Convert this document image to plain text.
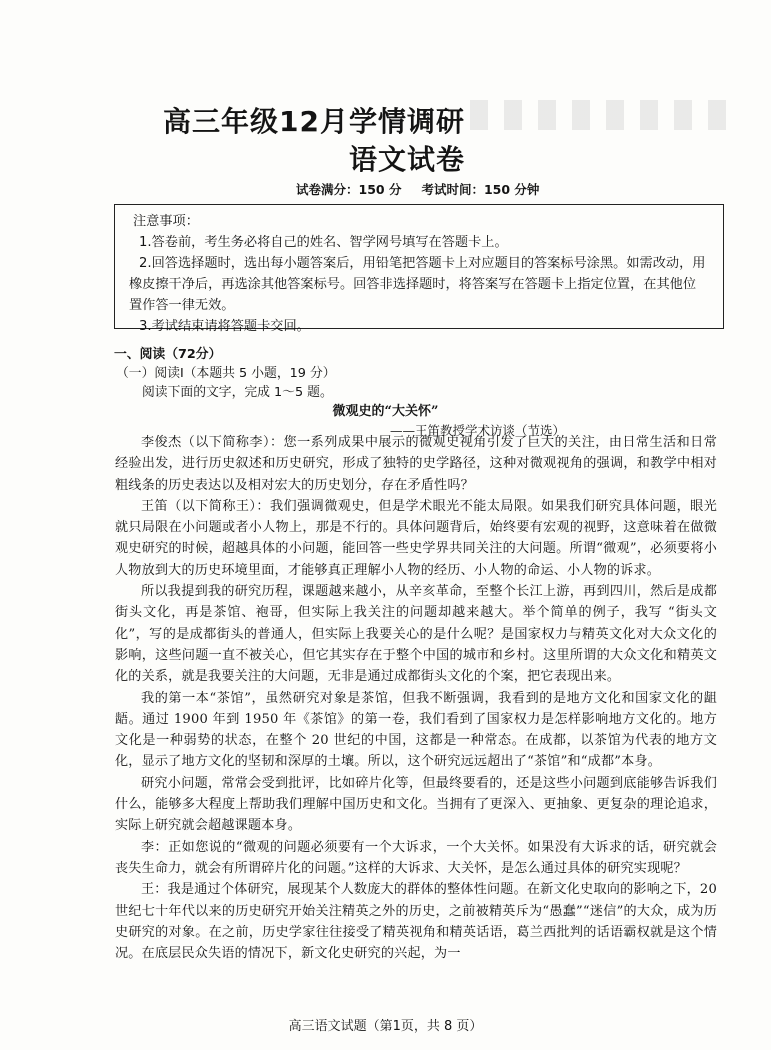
高三年级12月学情调研
语文试卷
试卷满分：150 分 考试时间：150 分钟

注意事项：

1.答卷前，考生务必将自己的姓名、智学网号填写在答题卡上。

2.回答选择题时，选出每小题答案后，用铅笔把答题卡上对应题目的答案标号涂黑。如需改动，用橡皮擦干净后，再选涂其他答案标号。回答非选择题时，将答案写在答题卡上指定位置，在其他位置作答一律无效。

3.考试结束请将答题卡交回。

一、阅读（72分）
（一）阅读Ⅰ（本题共 5 小题，19 分）
阅读下面的文字，完成 1～5 题。
微观史的“大关怀”
——王笛教授学术访谈（节选）

李俊杰（以下简称李）：您一系列成果中展示的微观史视角引发了巨大的关注，由日常生活和日常经验出发，进行历史叙述和历史研究，形成了独特的史学路径，这种对微观视角的强调，和教学中相对粗线条的历史表达以及相对宏大的历史划分，存在矛盾性吗？

王笛（以下简称王）：我们强调微观史，但是学术眼光不能太局限。如果我们研究具体问题，眼光就只局限在小问题或者小人物上，那是不行的。具体问题背后，始终要有宏观的视野，这意味着在做微观史研究的时候，超越具体的小问题，能回答一些史学界共同关注的大问题。所谓“微观”，必须要将小人物放到大的历史环境里面，才能够真正理解小人物的经历、小人物的命运、小人物的诉求。

所以我提到我的研究历程，课题越来越小，从辛亥革命，至整个长江上游，再到四川，然后是成都街头文化，再是茶馆、袍哥，但实际上我关注的问题却越来越大。举个简单的例子，我写 “街头文化”，写的是成都街头的普通人，但实际上我要关心的是什么呢？是国家权力与精英文化对大众文化的影响，这些问题一直不被关心，但它其实存在于整个中国的城市和乡村。这里所谓的大众文化和精英文化的关系，就是我要关注的大问题，无非是通过成都街头文化的个案，把它表现出来。

我的第一本“茶馆”，虽然研究对象是茶馆，但我不断强调，我看到的是地方文化和国家文化的龃龉。通过 1900 年到 1950 年《茶馆》的第一卷，我们看到了国家权力是怎样影响地方文化的。地方文化是一种弱势的状态，在整个 20 世纪的中国，这都是一种常态。在成都，以茶馆为代表的地方文化，显示了地方文化的坚韧和深厚的土壤。所以，这个研究远远超出了“茶馆”和“成都”本身。

研究小问题，常常会受到批评，比如碎片化等，但最终要看的，还是这些小问题到底能够告诉我们什么，能够多大程度上帮助我们理解中国历史和文化。当拥有了更深入、更抽象、更复杂的理论追求，实际上研究就会超越课题本身。

李：正如您说的“微观的问题必须要有一个大诉求，一个大关怀。如果没有大诉求的话，研究就会丧失生命力，就会有所谓碎片化的问题。”这样的大诉求、大关怀，是怎么通过具体的研究实现呢？

王：我是通过个体研究，展现某个人数庞大的群体的整体性问题。在新文化史取向的影响之下，20 世纪七十年代以来的历史研究开始关注精英之外的历史，之前被精英斥为“愚蠢”“迷信”的大众，成为历史研究的对象。在之前，历史学家往往接受了精英视角和精英话语，葛兰西批判的话语霸权就是这个情况。在底层民众失语的情况下，新文化史研究的兴起，为一

高三语文试题（第1页，共 8 页）
